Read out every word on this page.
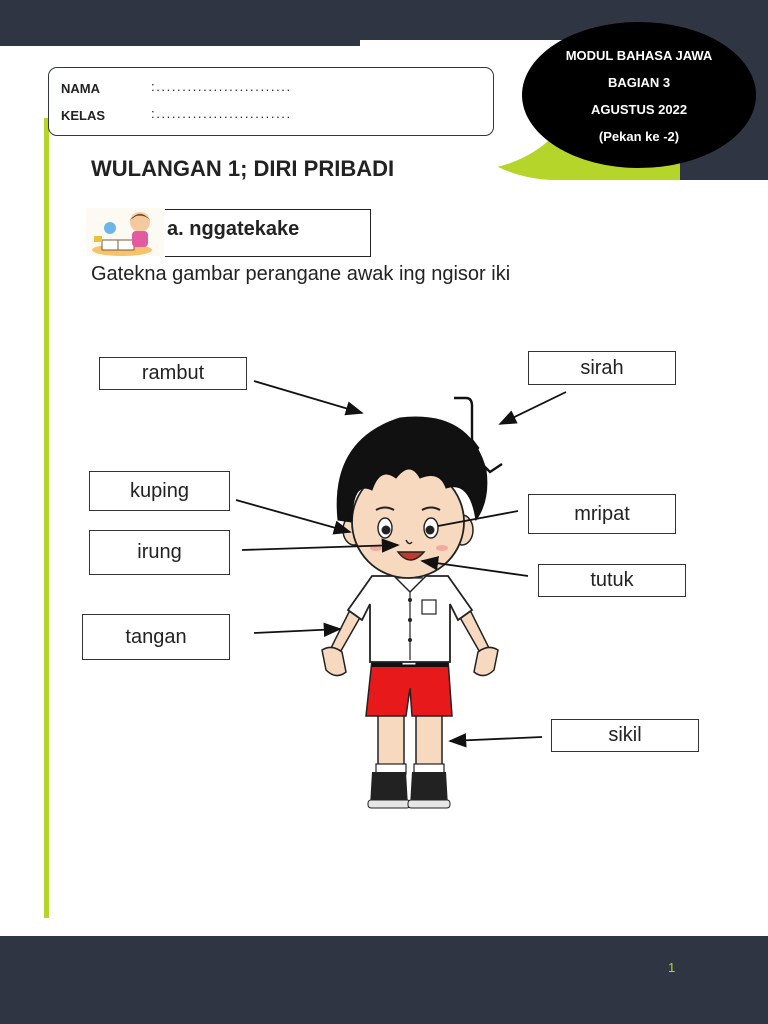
1
MODUL BAHASA JAWA
BAGIAN 3
AGUSTUS 2022
(Pekan ke -2)
NAMA	:..........................
KELAS	:..........................
WULANGAN 1; DIRI PRIBADI
a. nggatekake
Gatekna gambar perangane awak ing ngisor iki
rambut	sirah
kuping
mripat
irung
tutuk
tangan
sikil
